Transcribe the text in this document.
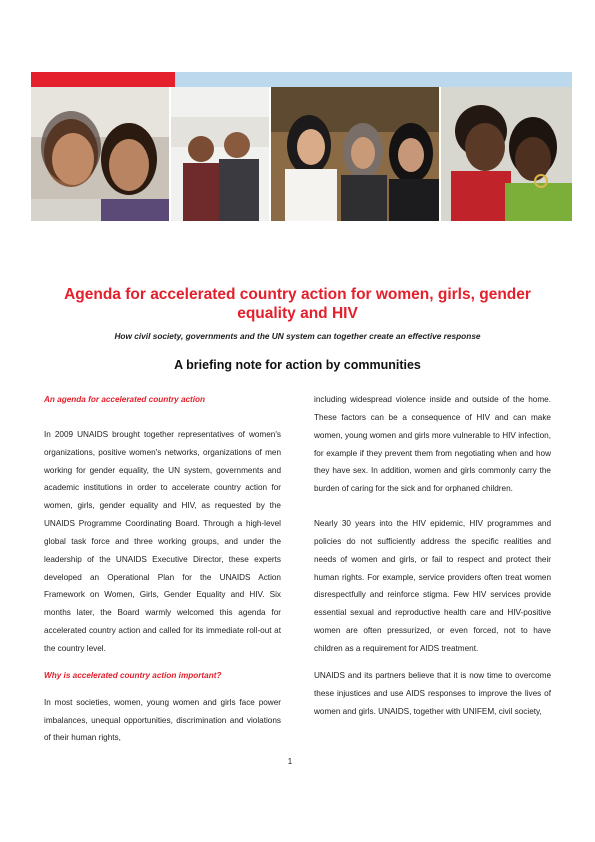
Agenda for accelerated country action for women, girls, gender equality and HIV

How civil society, governments and the UN system can together create an effective response

A briefing note for action by communities

An agenda for accelerated country action

In 2009 UNAIDS brought together representatives of women's organizations, positive women's networks, organizations of men working for gender equality, the UN system, governments and academic institutions in order to accelerate country action for women, girls, gender equality and HIV, as requested by the UNAIDS Programme Coordinating Board. Through a high-level global task force and three working groups, and under the leadership of the UNAIDS Executive Director, these experts developed an Operational Plan for the UNAIDS Action Framework on Women, Girls, Gender Equality and HIV. Six months later, the Board warmly welcomed this agenda for accelerated country action and called for its immediate roll-out at the country level.

Why is accelerated country action important?

In most societies, women, young women and girls face power imbalances, unequal opportunities, discrimination and violations of their human rights,

including widespread violence inside and outside of the home. These factors can be a consequence of HIV and can make women, young women and girls more vulnerable to HIV infection, for example if they prevent them from negotiating when and how they have sex. In addition, women and girls commonly carry the burden of caring for the sick and for orphaned children.

Nearly 30 years into the HIV epidemic, HIV programmes and policies do not sufficiently address the specific realities and needs of women and girls, or fail to respect and protect their human rights. For example, service providers often treat women disrespectfully and reinforce stigma. Few HIV services provide essential sexual and reproductive health care and HIV-positive women are often pressurized, or even forced, not to have children as a requirement for AIDS treatment.

UNAIDS and its partners believe that it is now time to overcome these injustices and use AIDS responses to improve the lives of women and girls. UNAIDS, together with UNIFEM, civil society,

1
